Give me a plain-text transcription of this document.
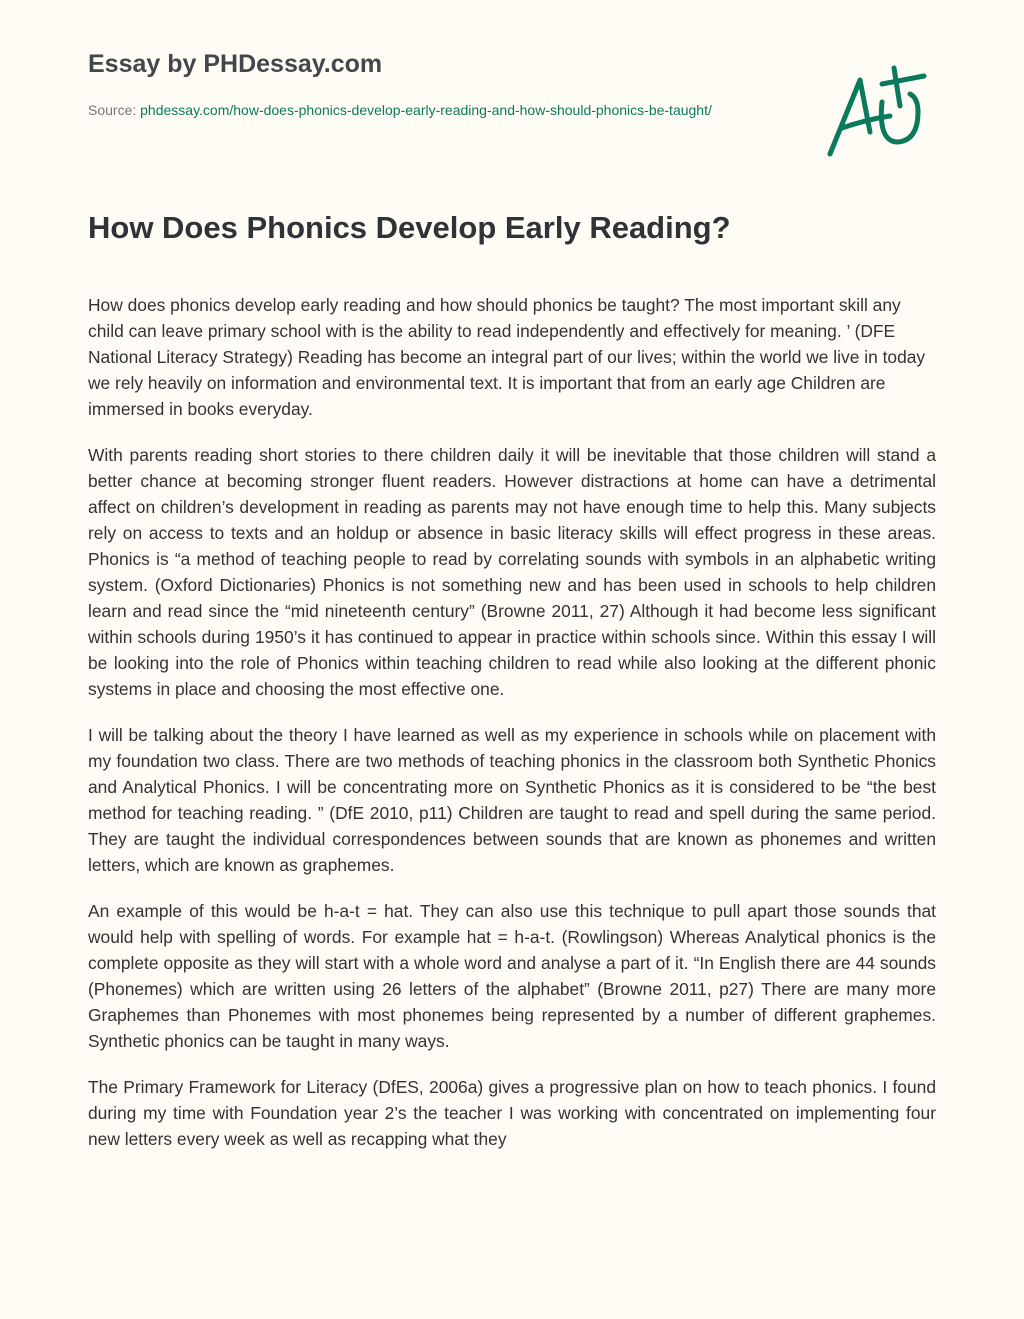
Essay by PHDessay.com
Source: phdessay.com/how-does-phonics-develop-early-reading-and-how-should-phonics-be-taught/
How Does Phonics Develop Early Reading?

How does phonics develop early reading and how should phonics be taught? The most important skill any child can leave primary school with is the ability to read independently and effectively for meaning. ’ (DFE National Literacy Strategy) Reading has become an integral part of our lives; within the world we live in today we rely heavily on information and environmental text. It is important that from an early age Children are immersed in books everyday.

With parents reading short stories to there children daily it will be inevitable that those children will stand a better chance at becoming stronger fluent readers. However distractions at home can have a detrimental affect on children’s development in reading as parents may not have enough time to help this. Many subjects rely on access to texts and an holdup or absence in basic literacy skills will effect progress in these areas. Phonics is “a method of teaching people to read by correlating sounds with symbols in an alphabetic writing system. (Oxford Dictionaries) Phonics is not something new and has been used in schools to help children learn and read since the “mid nineteenth century” (Browne 2011, 27) Although it had become less significant within schools during 1950’s it has continued to appear in practice within schools since. Within this essay I will be looking into the role of Phonics within teaching children to read while also looking at the different phonic systems in place and choosing the most effective one.

I will be talking about the theory I have learned as well as my experience in schools while on placement with my foundation two class. There are two methods of teaching phonics in the classroom both Synthetic Phonics and Analytical Phonics. I will be concentrating more on Synthetic Phonics as it is considered to be “the best method for teaching reading. ” (DfE 2010, p11) Children are taught to read and spell during the same period. They are taught the individual correspondences between sounds that are known as phonemes and written letters, which are known as graphemes.

An example of this would be h-a-t = hat. They can also use this technique to pull apart those sounds that would help with spelling of words. For example hat = h-a-t. (Rowlingson) Whereas Analytical phonics is the complete opposite as they will start with a whole word and analyse a part of it. “In English there are 44 sounds (Phonemes) which are written using 26 letters of the alphabet” (Browne 2011, p27) There are many more Graphemes than Phonemes with most phonemes being represented by a number of different graphemes. Synthetic phonics can be taught in many ways.

The Primary Framework for Literacy (DfES, 2006a) gives a progressive plan on how to teach phonics. I found during my time with Foundation year 2’s the teacher I was working with concentrated on implementing four new letters every week as well as recapping what they
